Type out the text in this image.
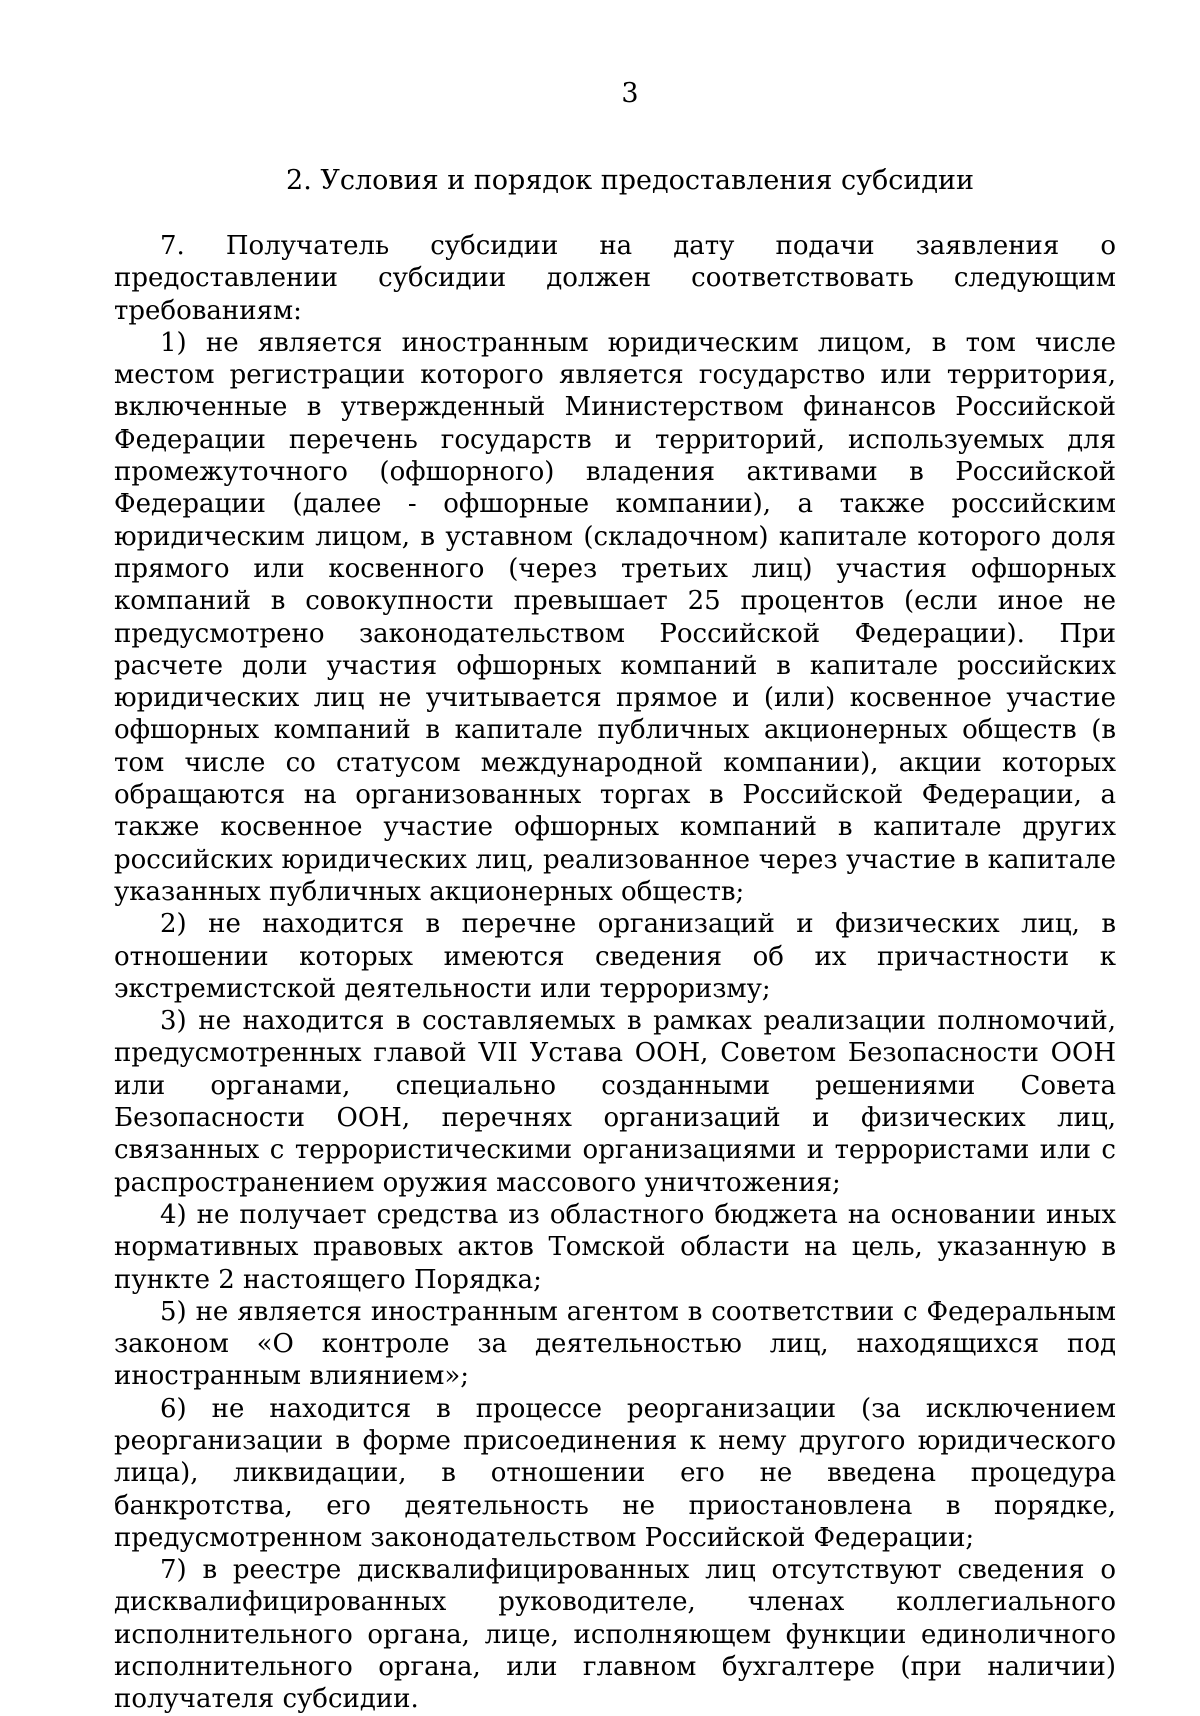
3
2. Условия и порядок предоставления субсидии

7. Получатель субсидии на дату подачи заявления о предоставлении субсидии должен соответствовать следующим требованиям:

1) не является иностранным юридическим лицом, в том числе местом регистрации которого является государство или территория, включенные в утвержденный Министерством финансов Российской Федерации перечень государств и территорий, используемых для промежуточного (офшорного) владения активами в Российской Федерации (далее - офшорные компании), а также российским юридическим лицом, в уставном (складочном) капитале которого доля прямого или косвенного (через третьих лиц) участия офшорных компаний в совокупности превышает 25 процентов (если иное не предусмотрено законодательством Российской Федерации). При расчете доли участия офшорных компаний в капитале российских юридических лиц не учитывается прямое и (или) косвенное участие офшорных компаний в капитале публичных акционерных обществ (в том числе со статусом международной компании), акции которых обращаются на организованных торгах в Российской Федерации, а также косвенное участие офшорных компаний в капитале других российских юридических лиц, реализованное через участие в капитале указанных публичных акционерных обществ;

2) не находится в перечне организаций и физических лиц, в отношении которых имеются сведения об их причастности к экстремистской деятельности или терроризму;

3) не находится в составляемых в рамках реализации полномочий, предусмотренных главой VII Устава ООН, Советом Безопасности ООН или органами, специально созданными решениями Совета Безопасности ООН, перечнях организаций и физических лиц, связанных с террористическими организациями и террористами или с распространением оружия массового уничтожения;

4) не получает средства из областного бюджета на основании иных нормативных правовых актов Томской области на цель, указанную в пункте 2 настоящего Порядка;

5) не является иностранным агентом в соответствии с Федеральным законом «О контроле за деятельностью лиц, находящихся под иностранным влиянием»;

6) не находится в процессе реорганизации (за исключением реорганизации в форме присоединения к нему другого юридического лица), ликвидации, в отношении его не введена процедура банкротства, его деятельность не приостановлена в порядке, предусмотренном законодательством Российской Федерации;

7) в реестре дисквалифицированных лиц отсутствуют сведения о дисквалифицированных руководителе, членах коллегиального исполнительного органа, лице, исполняющем функции единоличного исполнительного органа, или главном бухгалтере (при наличии) получателя субсидии.
